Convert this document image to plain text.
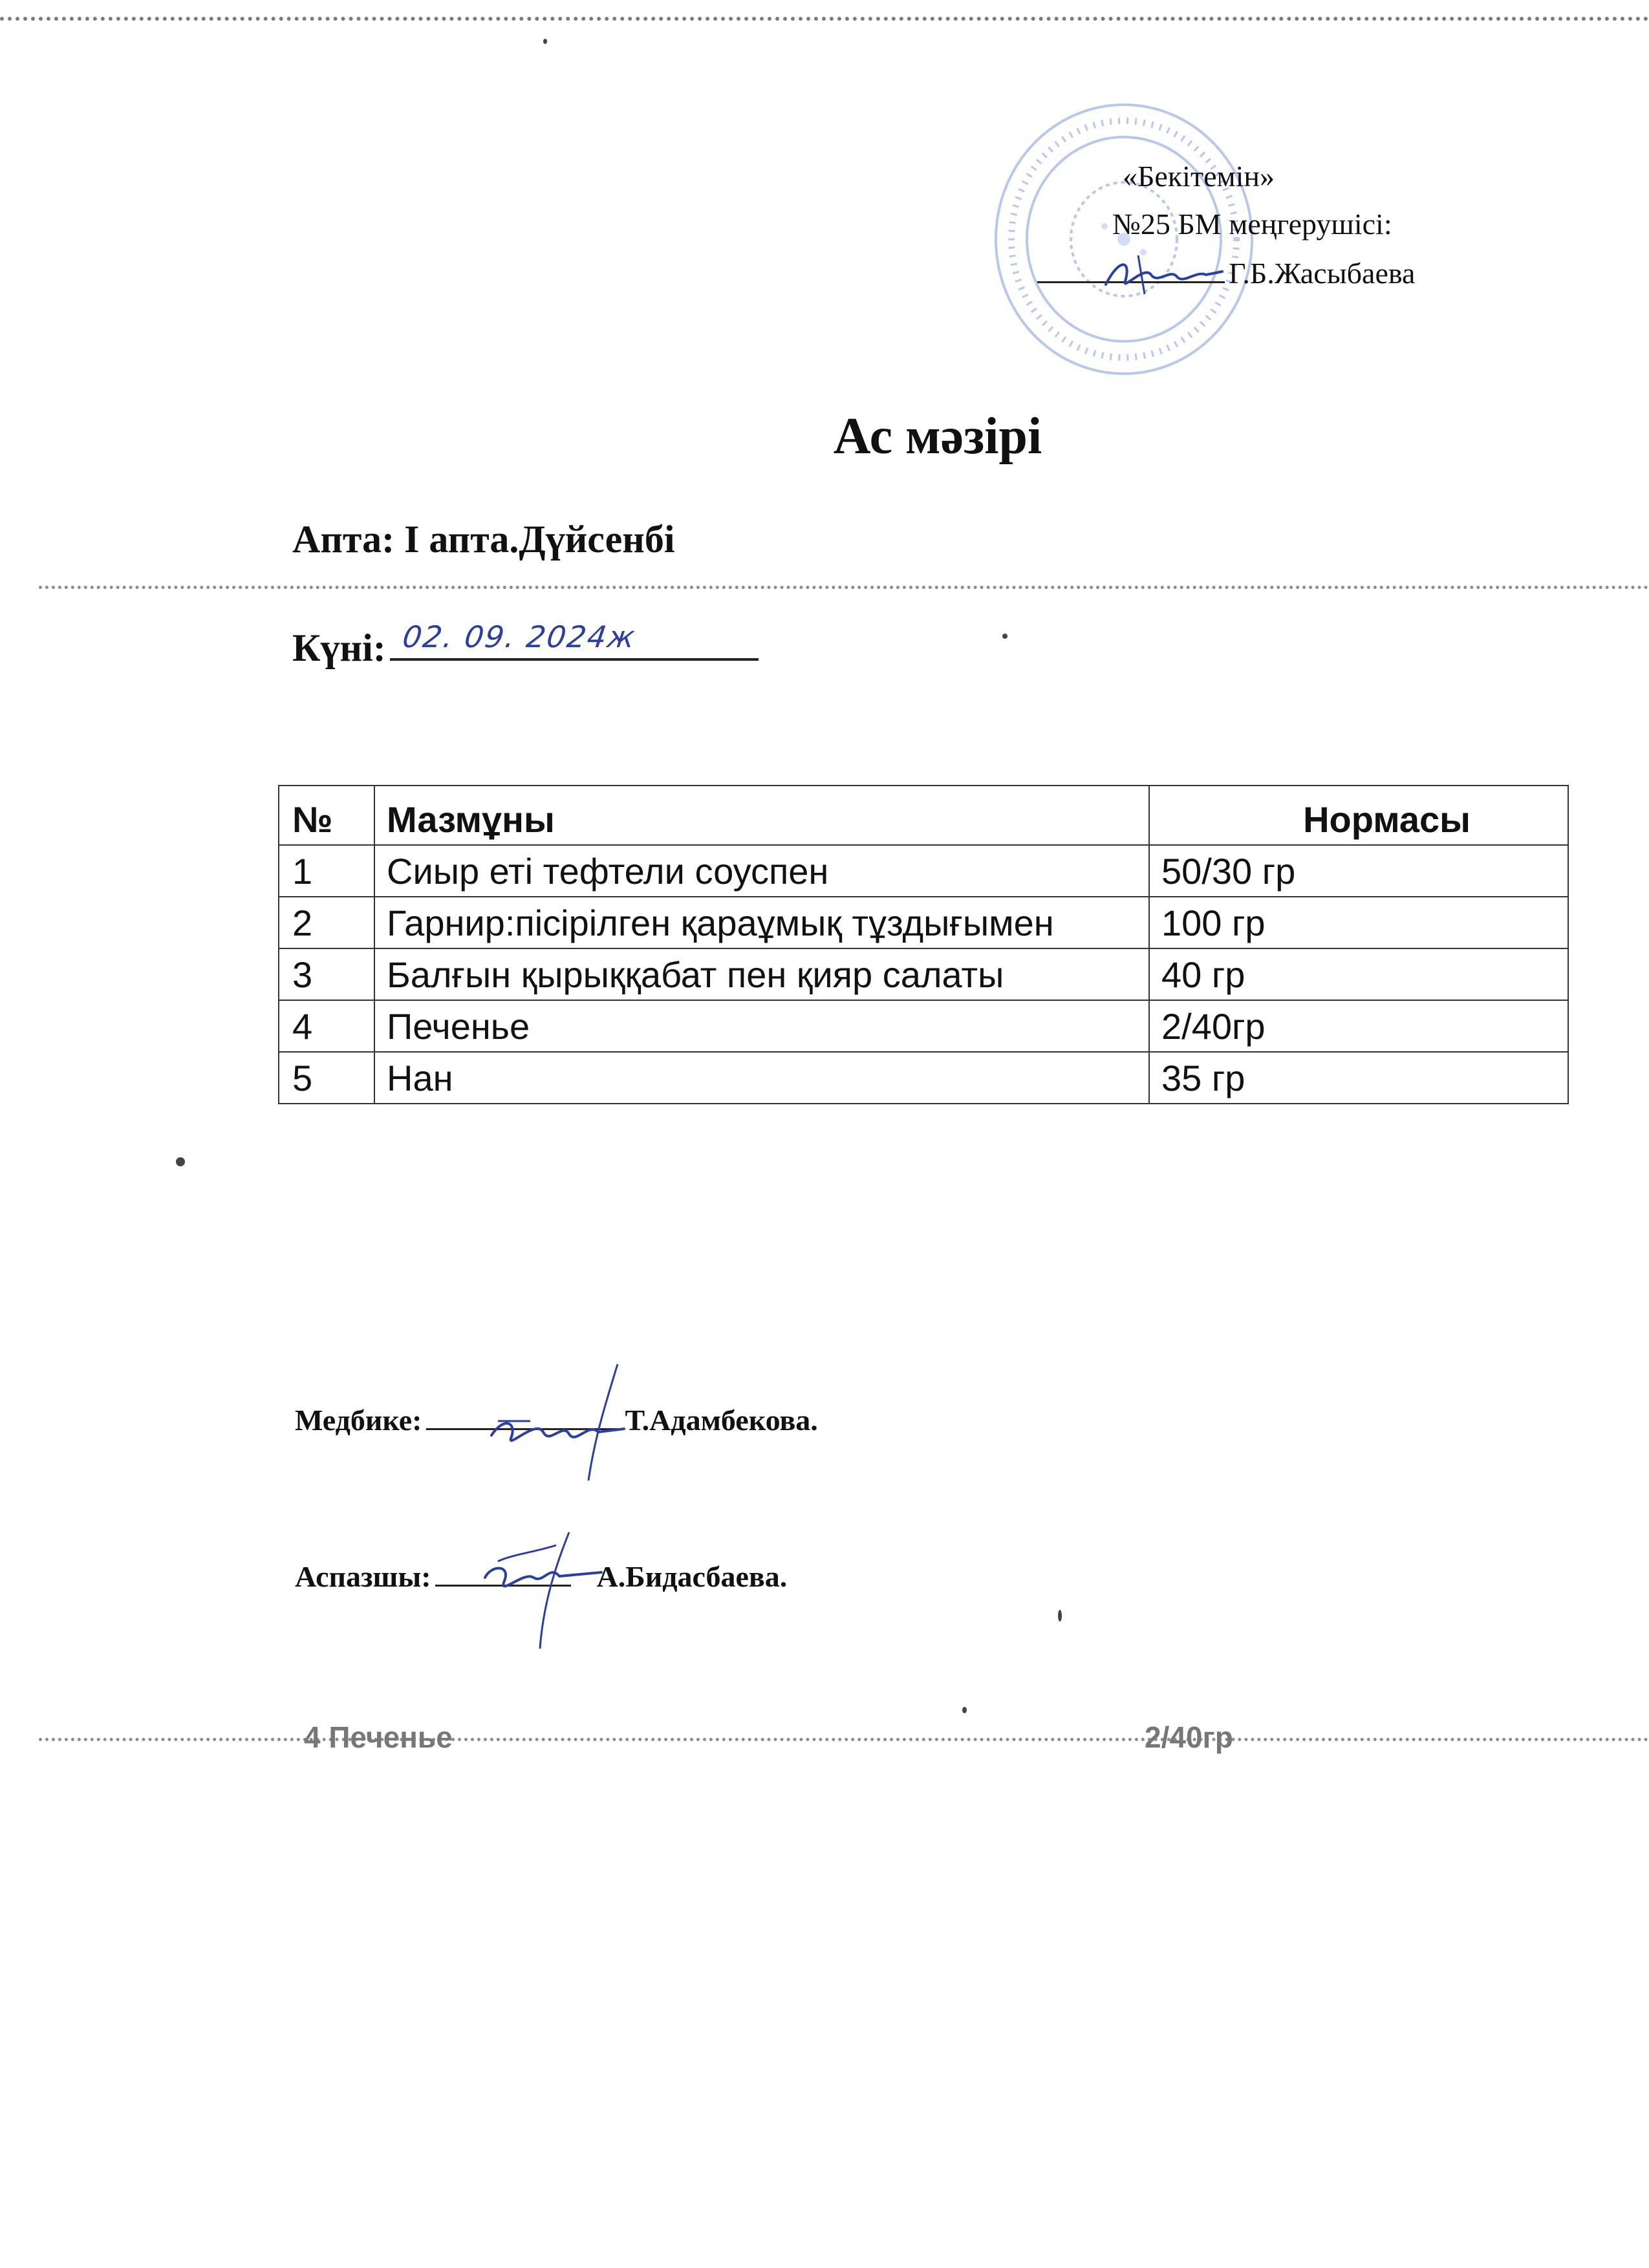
4 Печенье	2/40гр
«Бекітемін»
№25 БМ меңгерушісі:
Г.Б.Жасыбаева
Ас мәзірі
Апта: І апта.Дүйсенбі
Күні: 02. 09. 2024ж
№	Мазмұны	Нормасы
1	Сиыр еті тефтели соуспен	50/30 гр
2	Гарнир:пісірілген қараұмық тұздығымен	100 гр
3	Балғын қырыққабат пен қияр салаты	40 гр
4	Печенье	2/40гр
5	Нан	35 гр
Медбике:	Т.Адамбекова.
Аспазшы:	А.Бидасбаева.
